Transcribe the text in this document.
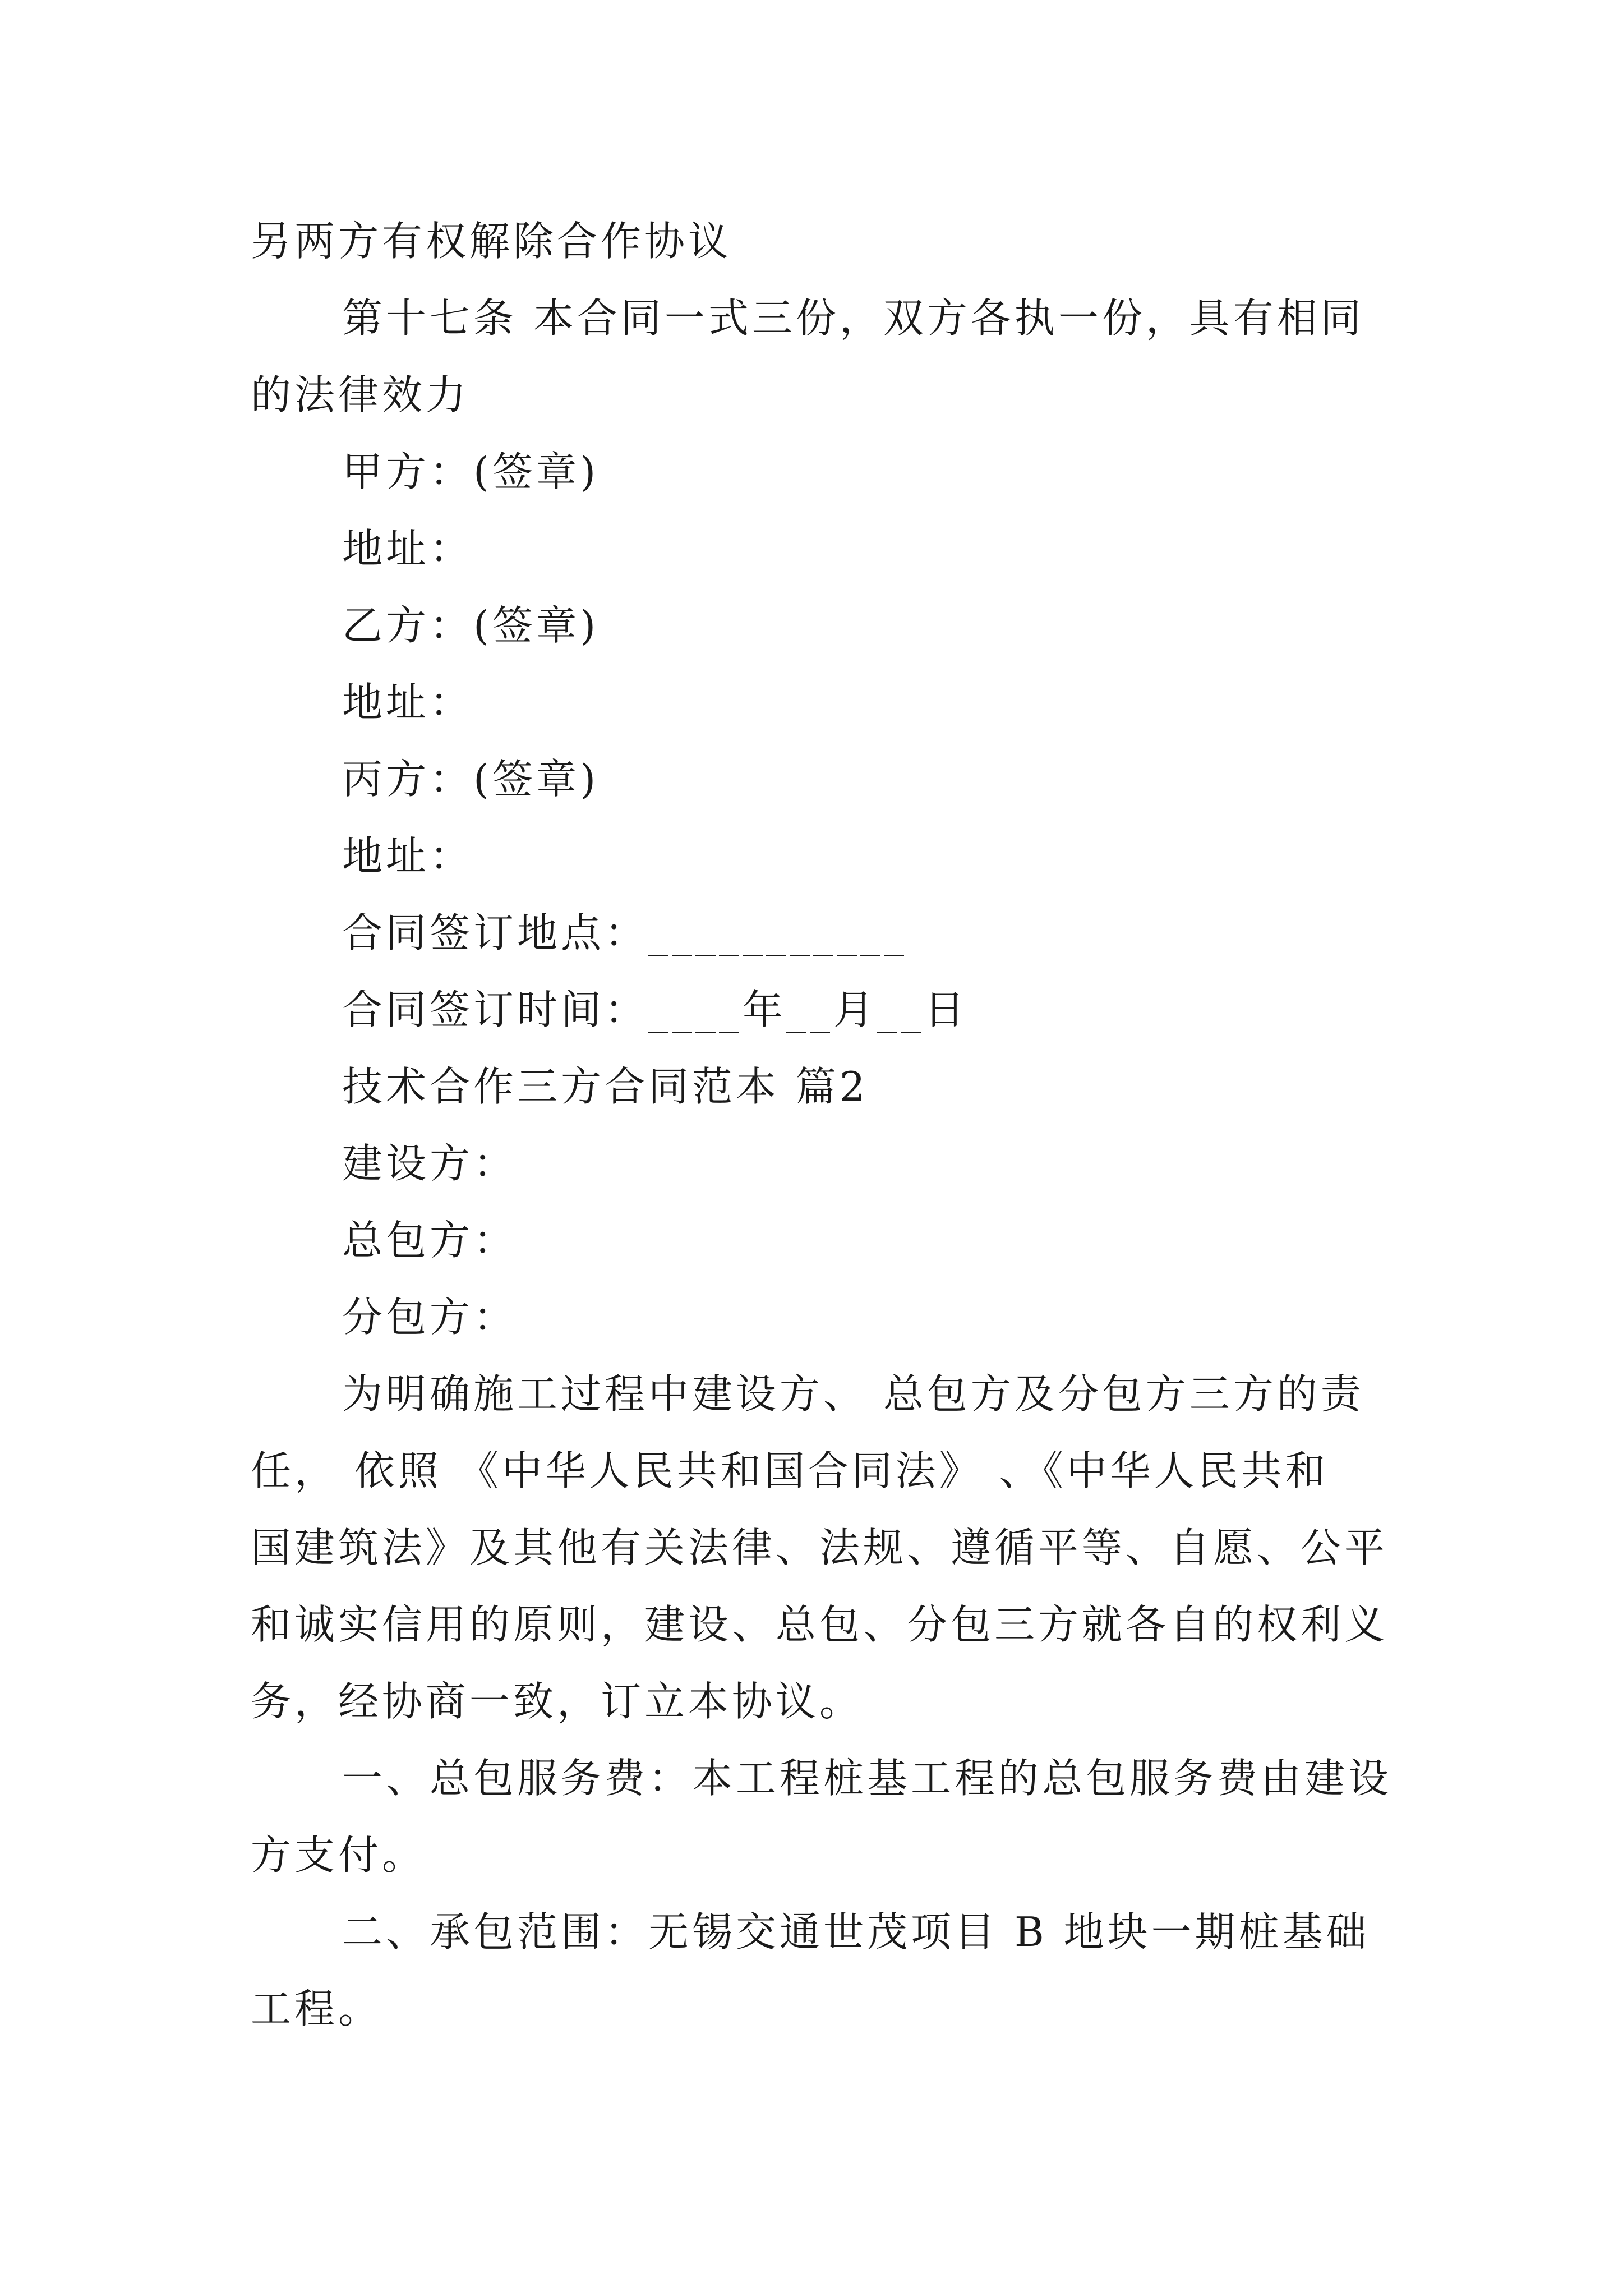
另两方有权解除合作协议
第十七条 本合同一式三份，双方各执一份，具有相同
的法律效力
甲方：(签章)
地址：
乙方：(签章)
地址：
丙方：(签章)
地址：
合同签订地点：___________
合同签订时间：____年__月__日
技术合作三方合同范本 篇2
建设方：
总包方：
分包方：
为明确施工过程中建设方、 总包方及分包方三方的责
任， 依照 《中华人民共和国合同法》 、《中华人民共和
国建筑法》及其他有关法律、法规、遵循平等、自愿、公平
和诚实信用的原则，建设、总包、分包三方就各自的权利义
务，经协商一致，订立本协议。
一、总包服务费：本工程桩基工程的总包服务费由建设
方支付。
二、承包范围：无锡交通世茂项目 B 地块一期桩基础
工程。
